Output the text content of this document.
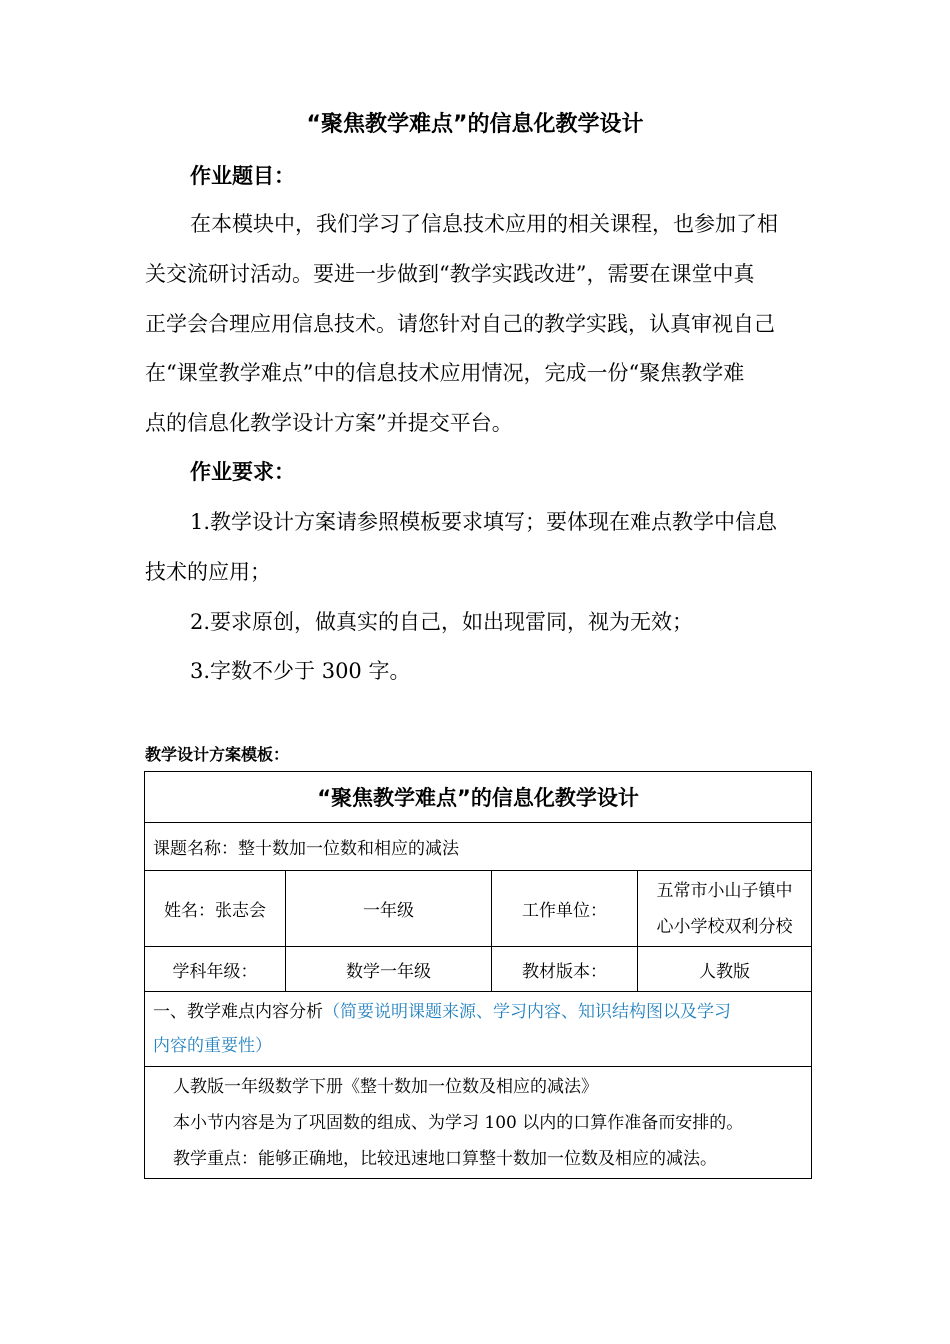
“聚焦教学难点”的信息化教学设计
作业题目：
在本模块中，我们学习了信息技术应用的相关课程，也参加了相
关交流研讨活动。要进一步做到“教学实践改进”，需要在课堂中真
正学会合理应用信息技术。请您针对自己的教学实践，认真审视自己
在“课堂教学难点”中的信息技术应用情况，完成一份“聚焦教学难
点的信息化教学设计方案”并提交平台。
作业要求：
1.教学设计方案请参照模板要求填写；要体现在难点教学中信息
技术的应用；
2.要求原创，做真实的自己，如出现雷同，视为无效；
3.字数不少于 300 字。
教学设计方案模板：
“聚焦教学难点”的信息化教学设计			
课题名称：整十数加一位数和相应的减法			
姓名：张志会	一年级	工作单位：	五常市小山子镇中
心小学校双利分校

学科年级：	数学一年级	教材版本：	人教版

一、教学难点内容分析（简要说明课题来源、学习内容、知识结构图以及学习
内容的重要性）			

人教版一年级数学下册《整十数加一位数及相应的减法》

本小节内容是为了巩固数的组成、为学习 100 以内的口算作准备而安排的。

教学重点：能够正确地，比较迅速地口算整十数加一位数及相应的减法。			
